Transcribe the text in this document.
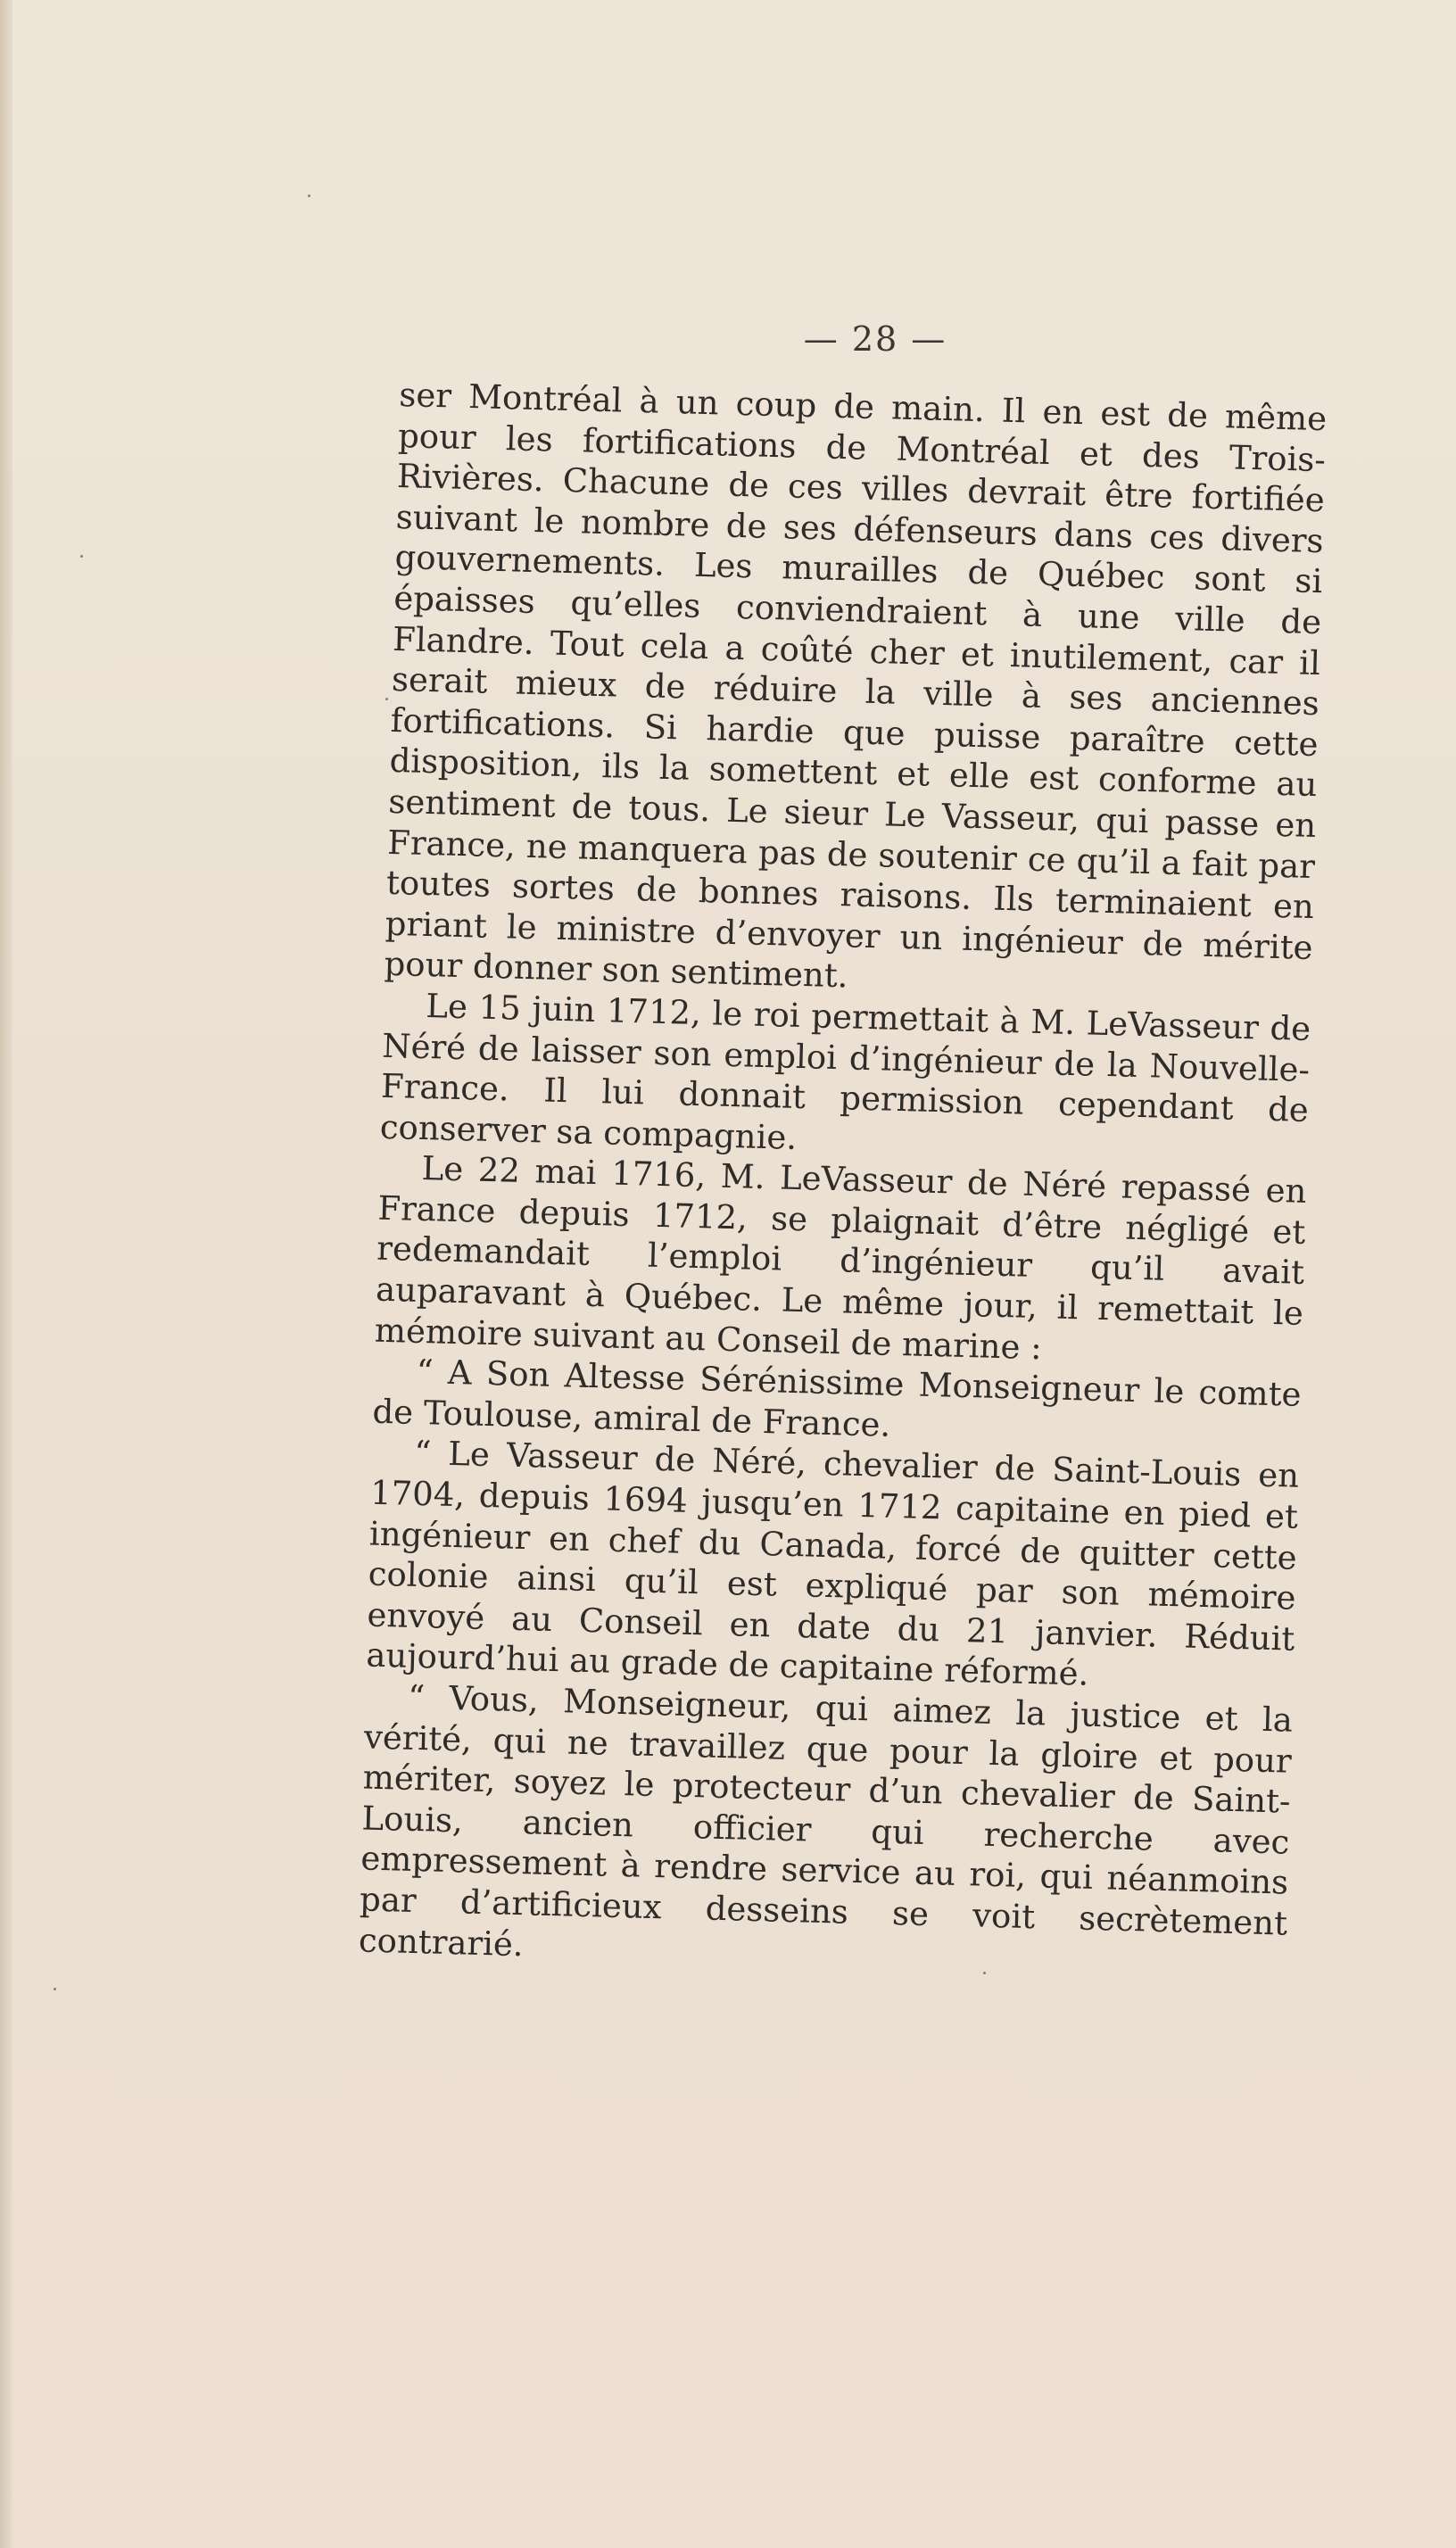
— 28 —

ser Montréal à un coup de main. Il en est de même pour les fortifications de Montréal et des Trois-Rivières. Chacune de ces villes devrait être fortifiée suivant le nombre de ses défenseurs dans ces divers gouvernements. Les murailles de Québec sont si épaisses qu’elles conviendraient à une ville de Flandre. Tout cela a coûté cher et inutilement, car il serait mieux de réduire la ville à ses anciennes fortifications. Si hardie que puisse paraître cette disposition, ils la somettent et elle est conforme au sentiment de tous. Le sieur Le Vasseur, qui passe en France, ne manquera pas de soutenir ce qu’il a fait par toutes sortes de bonnes raisons. Ils terminaient en priant le ministre d’envoyer un ingénieur de mérite pour donner son sentiment.

Le 15 juin 1712, le roi permettait à M. LeVasseur de Néré de laisser son emploi d’ingénieur de la Nouvelle-France. Il lui donnait permission cependant de conserver sa compagnie.

Le 22 mai 1716, M. LeVasseur de Néré repassé en France depuis 1712, se plaignait d’être négligé et redemandait l’emploi d’ingénieur qu’il avait auparavant à Québec. Le même jour, il remettait le mémoire suivant au Conseil de marine :

“ A Son Altesse Sérénissime Monseigneur le comte de Toulouse, amiral de France.

“ Le Vasseur de Néré, chevalier de Saint-Louis en 1704, depuis 1694 jusqu’en 1712 capitaine en pied et ingénieur en chef du Canada, forcé de quitter cette colonie ainsi qu’il est expliqué par son mémoire envoyé au Conseil en date du 21 janvier. Réduit aujourd’hui au grade de capitaine réformé.

“ Vous, Monseigneur, qui aimez la justice et la vérité, qui ne travaillez que pour la gloire et pour mériter, soyez le protecteur d’un chevalier de Saint-Louis, ancien officier qui recherche avec empressement à rendre service au roi, qui néanmoins par d’artificieux desseins se voit secrètement contrarié.
